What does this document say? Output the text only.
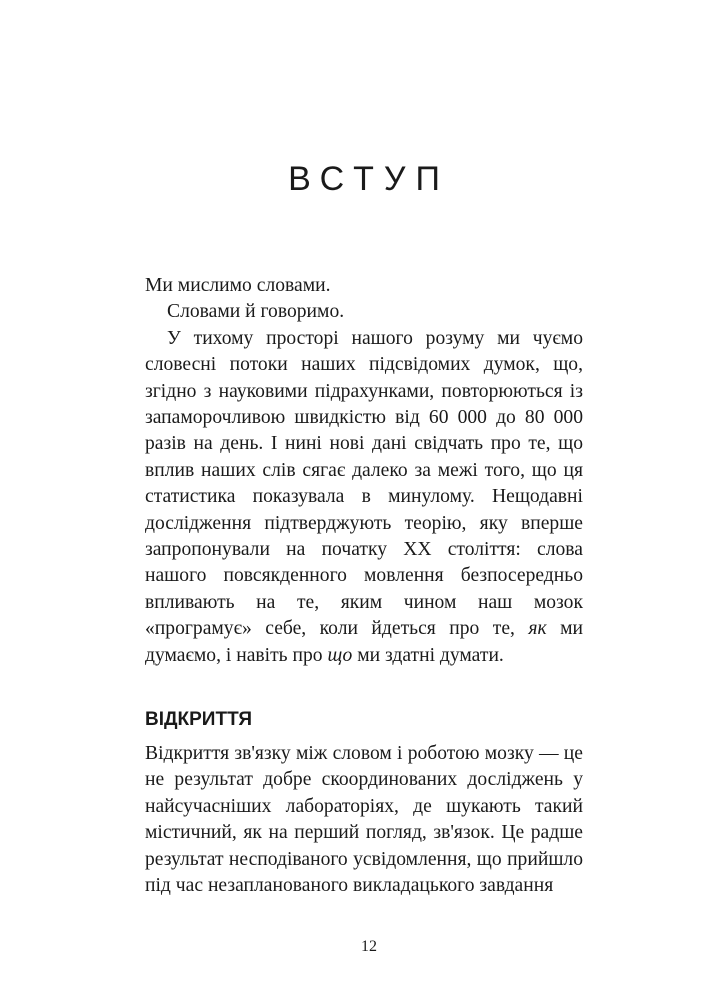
ВСТУП

Ми мислимо словами.

Словами й говоримо.

У тихому просторі нашого розуму ми чуємо словесні потоки наших підсвідомих думок, що, згідно з науковими підрахунками, повторюються із запаморочливою швидкістю від 60 000 до 80 000 разів на день. І нині нові дані свідчать про те, що вплив наших слів сягає далеко за межі того, що ця статистика показувала в минулому. Нещодавні дослідження підтверджують теорію, яку вперше запропонували на початку XX століття: слова нашого повсякденного мовлення безпосередньо впливають на те, яким чином наш мозок «програмує» себе, коли йдеться про те, як ми думаємо, і навіть про що ми здатні думати.

ВІДКРИТТЯ

Відкриття зв'язку між словом і роботою мозку — це не результат добре скоординованих досліджень у найсучасніших лабораторіях, де шукають такий містичний, як на перший погляд, зв'язок. Це радше результат несподіваного усвідомлення, що прийшло під час незапланованого викладацького завдання

12
